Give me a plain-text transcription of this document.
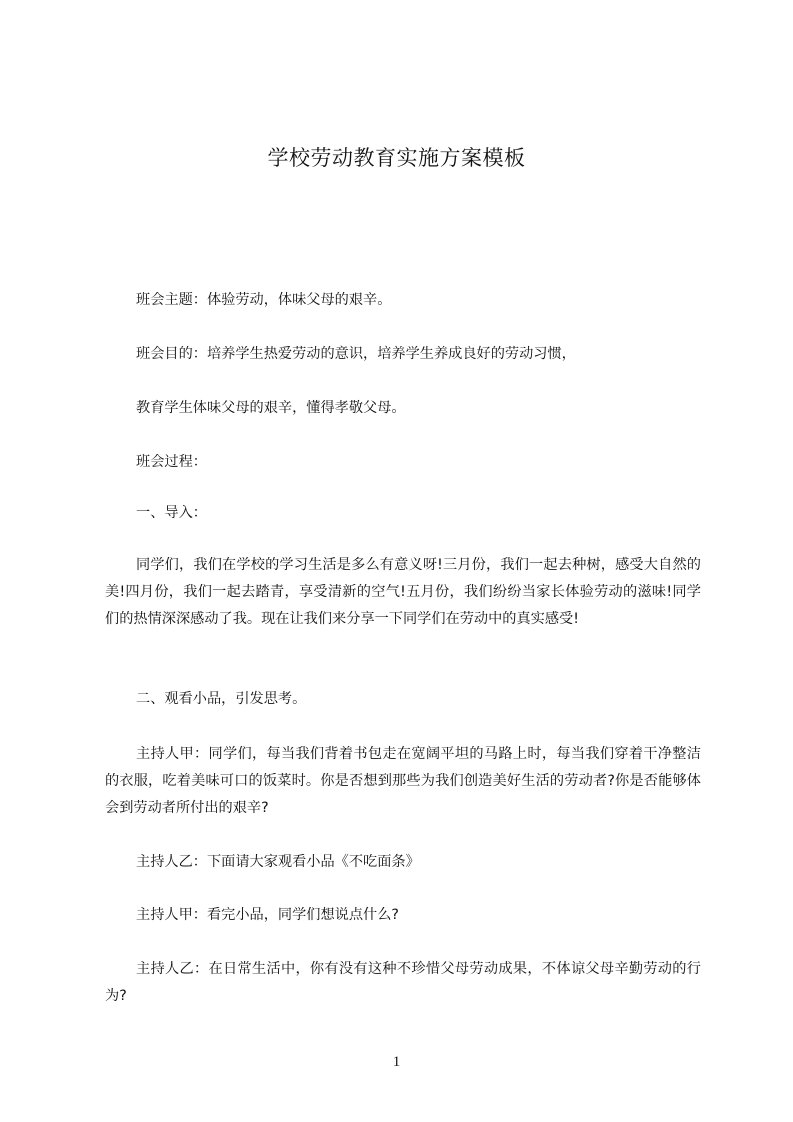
学校劳动教育实施方案模板

班会主题：体验劳动，体味父母的艰辛。

班会目的：培养学生热爱劳动的意识，培养学生养成良好的劳动习惯，

教育学生体味父母的艰辛，懂得孝敬父母。

班会过程：

一、导入：

同学们，我们在学校的学习生活是多么有意义呀!三月份，我们一起去种树，感受大自然的美!四月份，我们一起去踏青，享受清新的空气!五月份，我们纷纷当家长体验劳动的滋味!同学们的热情深深感动了我。现在让我们来分享一下同学们在劳动中的真实感受!

二、观看小品，引发思考。

主持人甲：同学们，每当我们背着书包走在宽阔平坦的马路上时，每当我们穿着干净整洁的衣服，吃着美味可口的饭菜时。你是否想到那些为我们创造美好生活的劳动者?你是否能够体会到劳动者所付出的艰辛?

主持人乙：下面请大家观看小品《不吃面条》

主持人甲：看完小品，同学们想说点什么?

主持人乙：在日常生活中，你有没有这种不珍惜父母劳动成果，不体谅父母辛勤劳动的行为?

1
